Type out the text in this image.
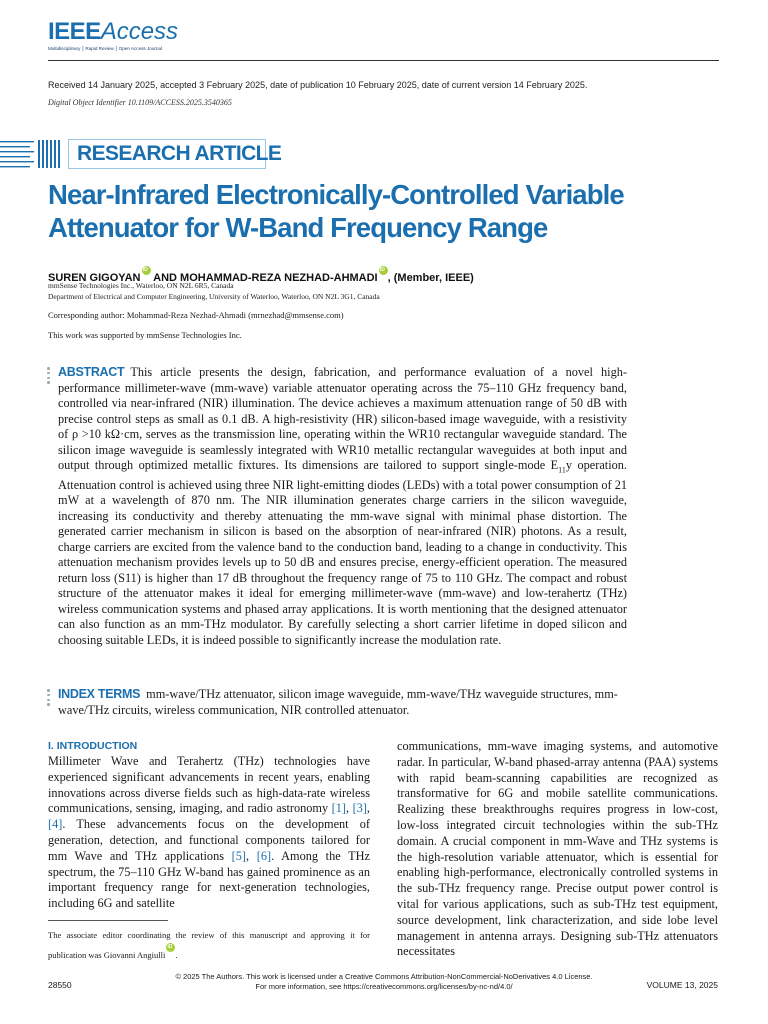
IEEEAccess
Multidisciplinary ⎮ Rapid Review ⎮ Open Access Journal
Received 14 January 2025, accepted 3 February 2025, date of publication 10 February 2025, date of current version 14 February 2025.
Digital Object Identifier 10.1109/ACCESS.2025.3540365
RESEARCH ARTICLE
Near-Infrared Electronically-Controlled Variable
Attenuator for W-Band Frequency Range
SUREN GIGOYANiD AND MOHAMMAD-REZA NEZHAD-AHMADIiD , (Member, IEEE)
mmSense Technologies Inc., Waterloo, ON N2L 6R5, Canada
Department of Electrical and Computer Engineering, University of Waterloo, Waterloo, ON N2L 3G1, Canada
Corresponding author: Mohammad-Reza Nezhad-Ahmadi (mrnezhad@mmsense.com)
This work was supported by mmSense Technologies Inc.
ABSTRACT This article presents the design, fabrication, and performance evaluation of a novel high-performance millimeter-wave (mm-wave) variable attenuator operating across the 75–110 GHz frequency band, controlled via near-infrared (NIR) illumination. The device achieves a maximum attenuation range of 50 dB with precise control steps as small as 0.1 dB. A high-resistivity (HR) silicon-based image waveguide, with a resistivity of ρ >10 kΩ·cm, serves as the transmission line, operating within the WR10 rectangular waveguide standard. The silicon image waveguide is seamlessly integrated with WR10 metallic rectangular waveguides at both input and output through optimized metallic fixtures. Its dimensions are tailored to support single-mode $E_{11}y$ operation. Attenuation control is achieved using three NIR light-emitting diodes (LEDs) with a total power consumption of 21 mW at a wavelength of 870 nm. The NIR illumination generates charge carriers in the silicon waveguide, increasing its conductivity and thereby attenuating the mm-wave signal with minimal phase distortion. The generated carrier mechanism in silicon is based on the absorption of near-infrared (NIR) photons. As a result, charge carriers are excited from the valence band to the conduction band, leading to a change in conductivity. This attenuation mechanism provides levels up to 50 dB and ensures precise, energy-efficient operation. The measured return loss (S11) is higher than 17 dB throughout the frequency range of 75 to 110 GHz. The compact and robust structure of the attenuator makes it ideal for emerging millimeter-wave (mm-wave) and low-terahertz (THz) wireless communication systems and phased array applications. It is worth mentioning that the designed attenuator can also function as an mm-THz modulator. By carefully selecting a short carrier lifetime in doped silicon and choosing suitable LEDs, it is indeed possible to significantly increase the modulation rate.
INDEX TERMS mm-wave/THz attenuator, silicon image waveguide, mm-wave/THz waveguide structures, mm-wave/THz circuits, wireless communication, NIR controlled attenuator.
I. INTRODUCTION
Millimeter Wave and Terahertz (THz) technologies have experienced significant advancements in recent years, enabling innovations across diverse fields such as high-data-rate wireless communications, sensing, imaging, and radio astronomy [1], [3], [4]. These advancements focus on the development of generation, detection, and functional components tailored for mm Wave and THz applications [5], [6]. Among the THz spectrum, the 75–110 GHz W-band has gained prominence as an important frequency range for next-generation technologies, including 6G and satellite
communications, mm-wave imaging systems, and automotive radar. In particular, W-band phased-array antenna (PAA) systems with rapid beam-scanning capabilities are recognized as transformative for 6G and mobile satellite communications. Realizing these breakthroughs requires progress in low-cost, low-loss integrated circuit technologies within the sub-THz domain. A crucial component in mm-Wave and THz systems is the high-resolution variable attenuator, which is essential for enabling high-performance, electronically controlled systems in the sub-THz frequency range. Precise output power control is vital for various applications, such as sub-THz test equipment, source development, link characterization, and side lobe level management in antenna arrays. Designing sub-THz attenuators necessitates
The associate editor coordinating the review of this manuscript and approving it for publication was Giovanni AngiulliiD .
© 2025 The Authors. This work is licensed under a Creative Commons Attribution-NonCommercial-NoDerivatives 4.0 License.
For more information, see https://creativecommons.org/licenses/by-nc-nd/4.0/
28550	VOLUME 13, 2025
